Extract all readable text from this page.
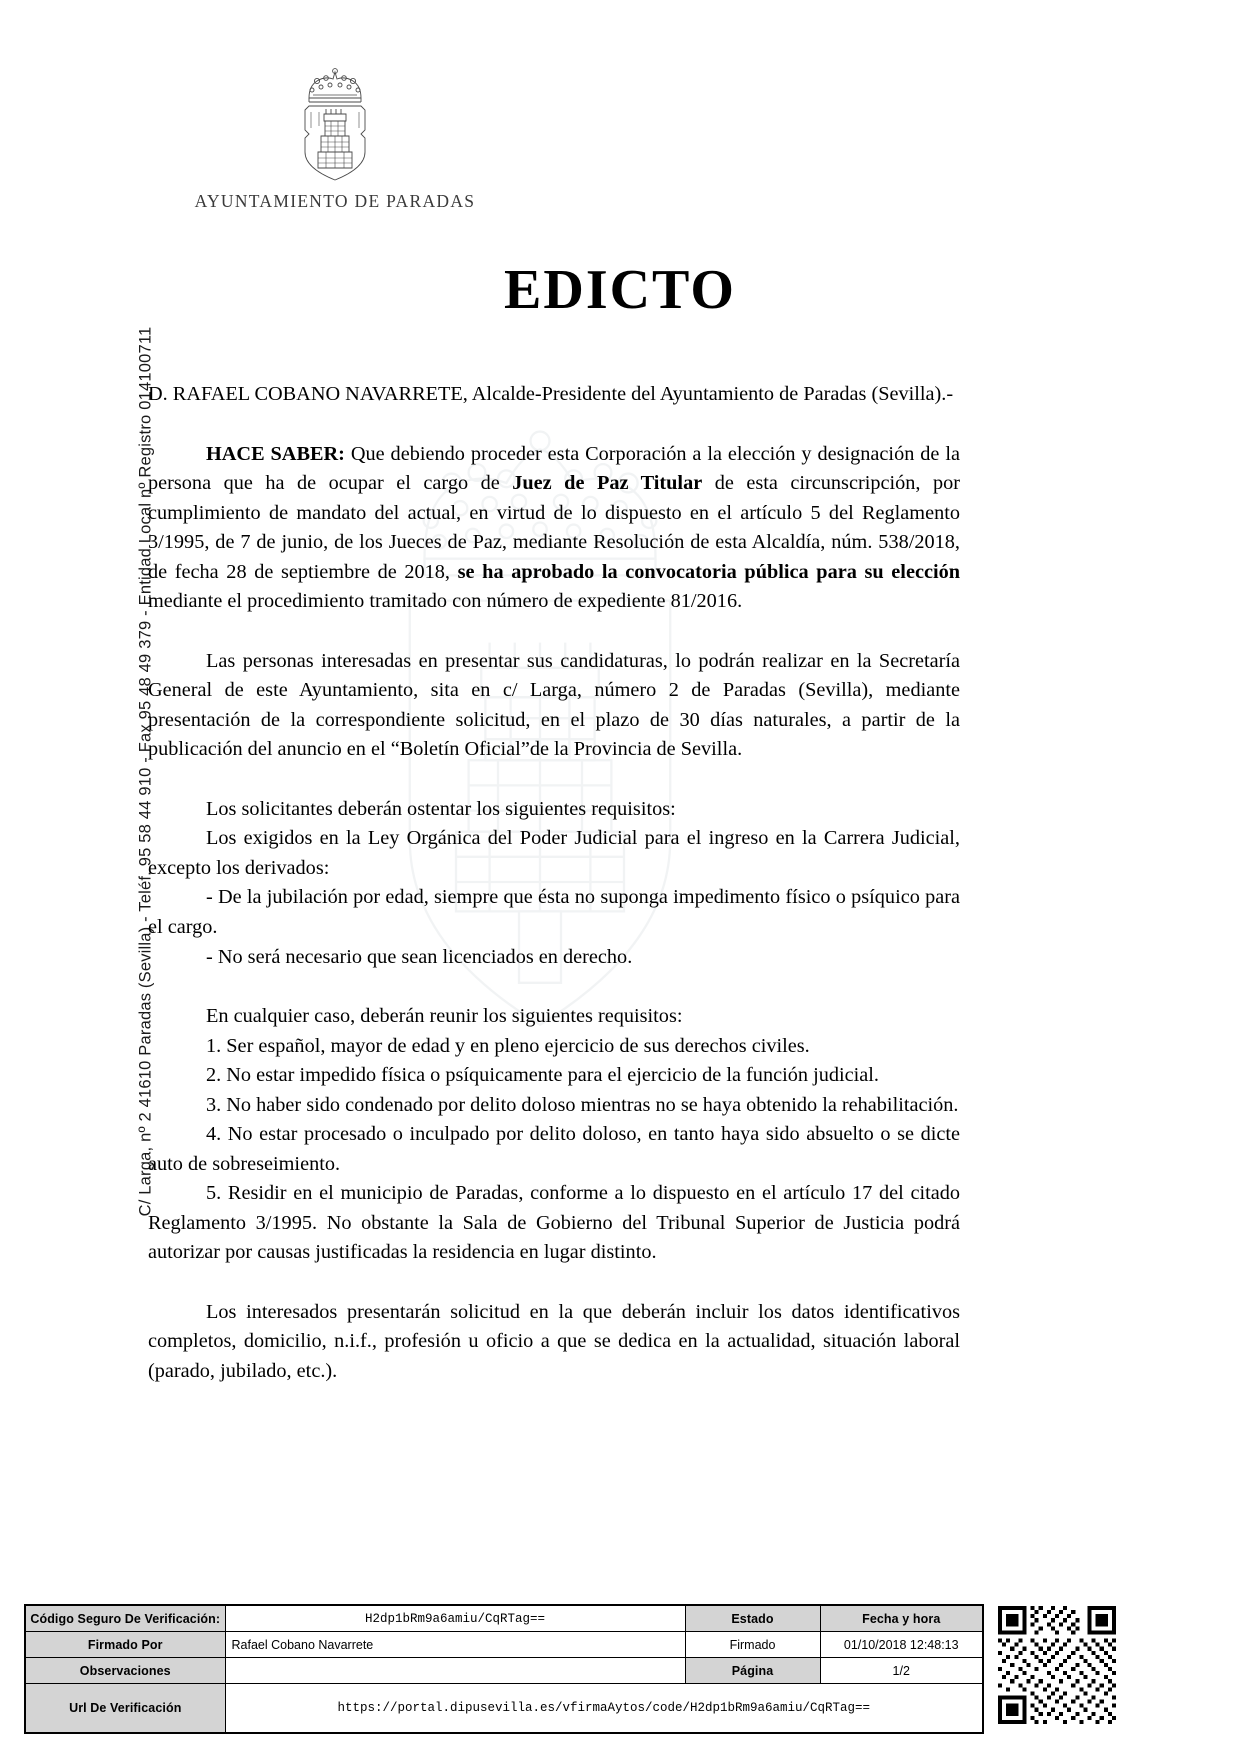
AYUNTAMIENTO DE PARADAS
EDICTO
C/ Larga, nº 2 41610 Paradas (Sevilla) - Teléf. 95 58 44 910 - Fax 95 48 49 379 - Entidad Local nº Registro 014100711

D. RAFAEL COBANO NAVARRETE, Alcalde-Presidente del Ayuntamiento de Paradas (Sevilla).-

HACE SABER: Que debiendo proceder esta Corporación a la elección y designación de la persona que ha de ocupar el cargo de Juez de Paz Titular de esta circunscripción, por cumplimiento de mandato del actual, en virtud de lo dispuesto en el artículo 5 del Reglamento 3/1995, de 7 de junio, de los Jueces de Paz, mediante Resolución de esta Alcaldía, núm. 538/2018, de fecha 28 de septiembre de 2018, se ha aprobado la convocatoria pública para su elección mediante el procedimiento tramitado con número de expediente 81/2016.

Las personas interesadas en presentar sus candidaturas, lo podrán realizar en la Secretaría General de este Ayuntamiento, sita en c/ Larga, número 2 de Paradas (Sevilla), mediante presentación de la correspondiente solicitud, en el plazo de 30 días naturales, a partir de la publicación del anuncio en el “Boletín Oficial”de la Provincia de Sevilla.

Los solicitantes deberán ostentar los siguientes requisitos:

Los exigidos en la Ley Orgánica del Poder Judicial para el ingreso en la Carrera Judicial, excepto los derivados:

- De la jubilación por edad, siempre que ésta no suponga impedimento físico o psíquico para el cargo.

- No será necesario que sean licenciados en derecho.

En cualquier caso, deberán reunir los siguientes requisitos:

1. Ser español, mayor de edad y en pleno ejercicio de sus derechos civiles.

2. No estar impedido física o psíquicamente para el ejercicio de la función judicial.

3. No haber sido condenado por delito doloso mientras no se haya obtenido la rehabilitación.

4. No estar procesado o inculpado por delito doloso, en tanto haya sido absuelto o se dicte auto de sobreseimiento.

5. Residir en el municipio de Paradas, conforme a lo dispuesto en el artículo 17 del citado Reglamento 3/1995. No obstante la Sala de Gobierno del Tribunal Superior de Justicia podrá autorizar por causas justificadas la residencia en lugar distinto.

Los interesados presentarán solicitud en la que deberán incluir los datos identificativos completos, domicilio, n.i.f., profesión u oficio a que se dedica en la actualidad, situación laboral (parado, jubilado, etc.).

Código Seguro De Verificación:	H2dp1bRm9a6amiu/CqRTag==	Estado	Fecha y hora
Firmado Por	Rafael Cobano Navarrete	Firmado	01/10/2018 12:48:13
Observaciones		Página	1/2
Url De Verificación	https://portal.dipusevilla.es/vfirmaAytos/code/H2dp1bRm9a6amiu/CqRTag==		
